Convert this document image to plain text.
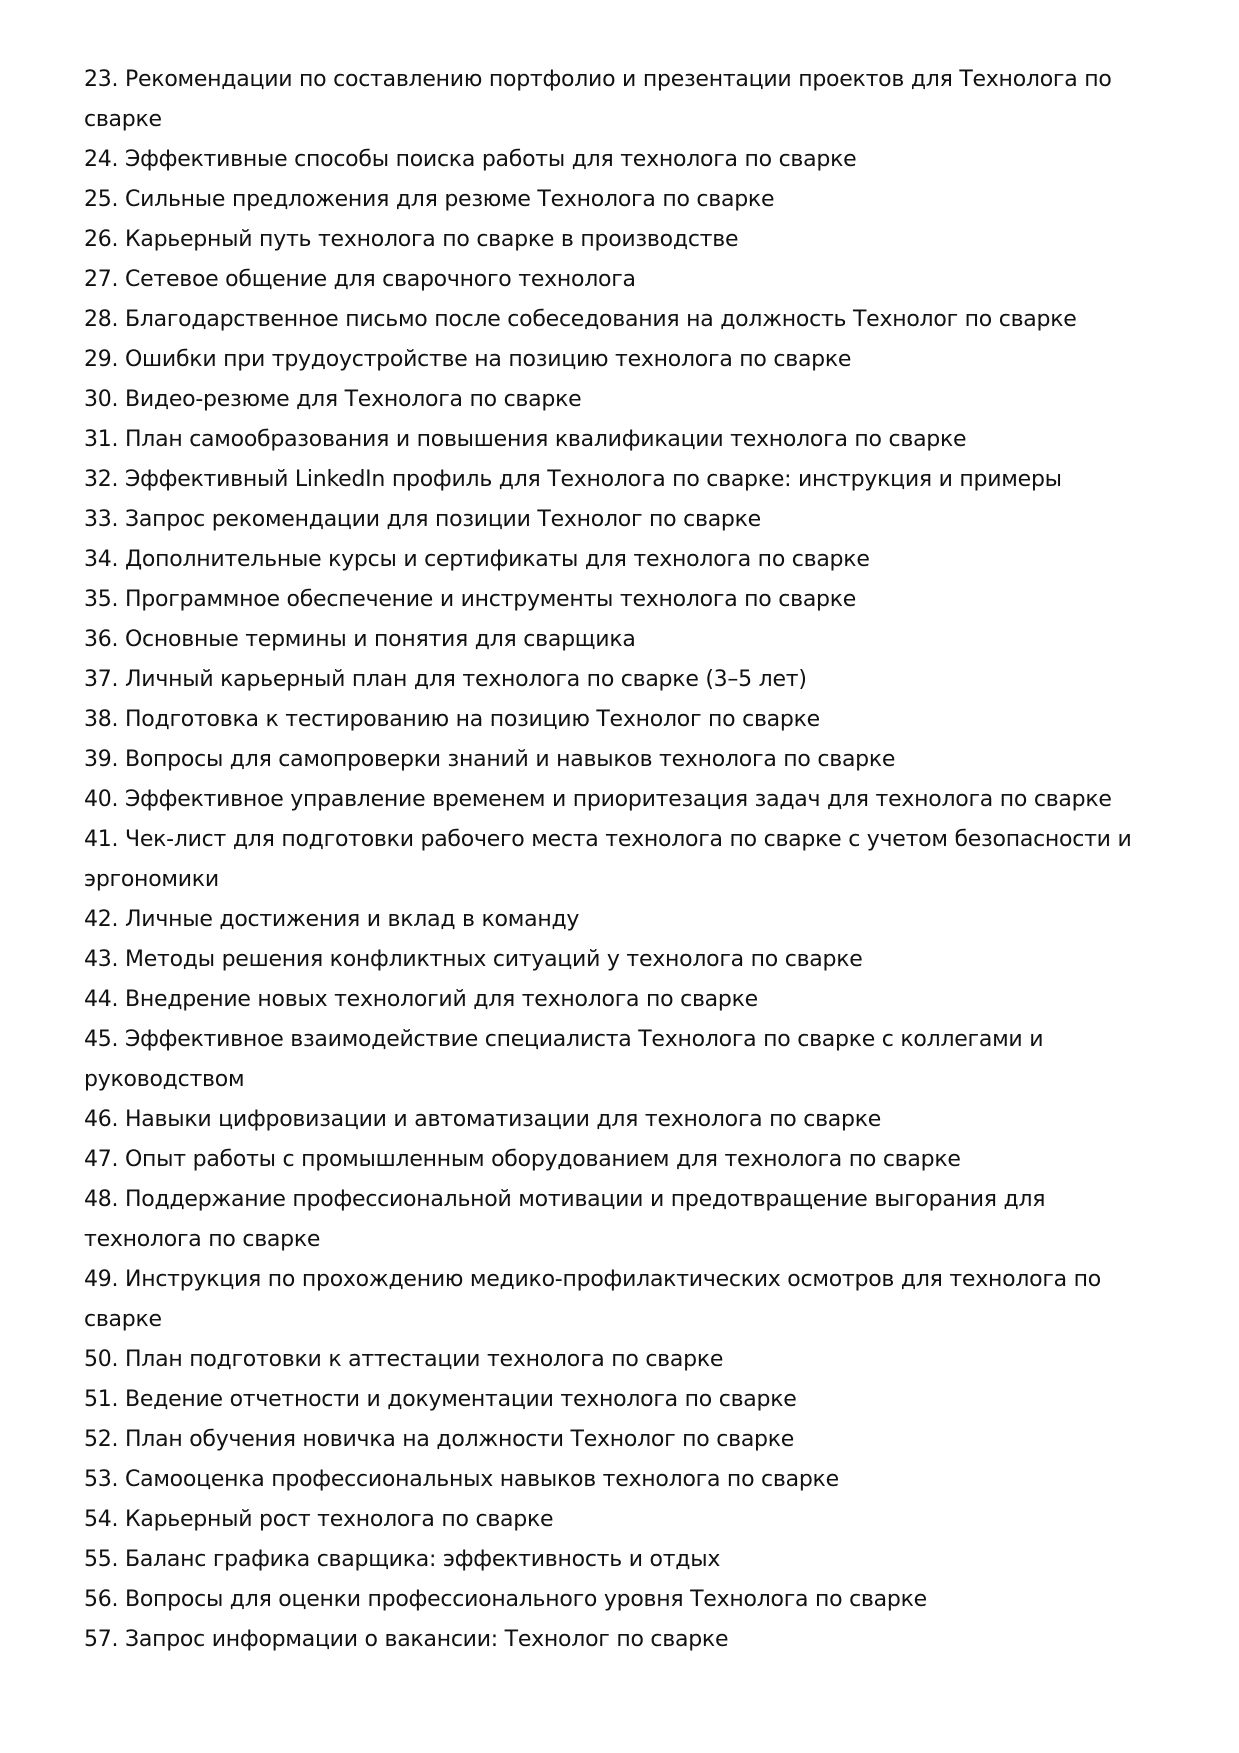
23. Рекомендации по составлению портфолио и презентации проектов для Технолога по сварке
24. Эффективные способы поиска работы для технолога по сварке
25. Сильные предложения для резюме Технолога по сварке
26. Карьерный путь технолога по сварке в производстве
27. Сетевое общение для сварочного технолога
28. Благодарственное письмо после собеседования на должность Технолог по сварке
29. Ошибки при трудоустройстве на позицию технолога по сварке
30. Видео-резюме для Технолога по сварке
31. План самообразования и повышения квалификации технолога по сварке
32. Эффективный LinkedIn профиль для Технолога по сварке: инструкция и примеры
33. Запрос рекомендации для позиции Технолог по сварке
34. Дополнительные курсы и сертификаты для технолога по сварке
35. Программное обеспечение и инструменты технолога по сварке
36. Основные термины и понятия для сварщика
37. Личный карьерный план для технолога по сварке (3–5 лет)
38. Подготовка к тестированию на позицию Технолог по сварке
39. Вопросы для самопроверки знаний и навыков технолога по сварке
40. Эффективное управление временем и приоритезация задач для технолога по сварке
41. Чек-лист для подготовки рабочего места технолога по сварке с учетом безопасности и эргономики
42. Личные достижения и вклад в команду
43. Методы решения конфликтных ситуаций у технолога по сварке
44. Внедрение новых технологий для технолога по сварке
45. Эффективное взаимодействие специалиста Технолога по сварке с коллегами и руководством
46. Навыки цифровизации и автоматизации для технолога по сварке
47. Опыт работы с промышленным оборудованием для технолога по сварке
48. Поддержание профессиональной мотивации и предотвращение выгорания для технолога по сварке
49. Инструкция по прохождению медико-профилактических осмотров для технолога по сварке
50. План подготовки к аттестации технолога по сварке
51. Ведение отчетности и документации технолога по сварке
52. План обучения новичка на должности Технолог по сварке
53. Самооценка профессиональных навыков технолога по сварке
54. Карьерный рост технолога по сварке
55. Баланс графика сварщика: эффективность и отдых
56. Вопросы для оценки профессионального уровня Технолога по сварке
57. Запрос информации о вакансии: Технолог по сварке
